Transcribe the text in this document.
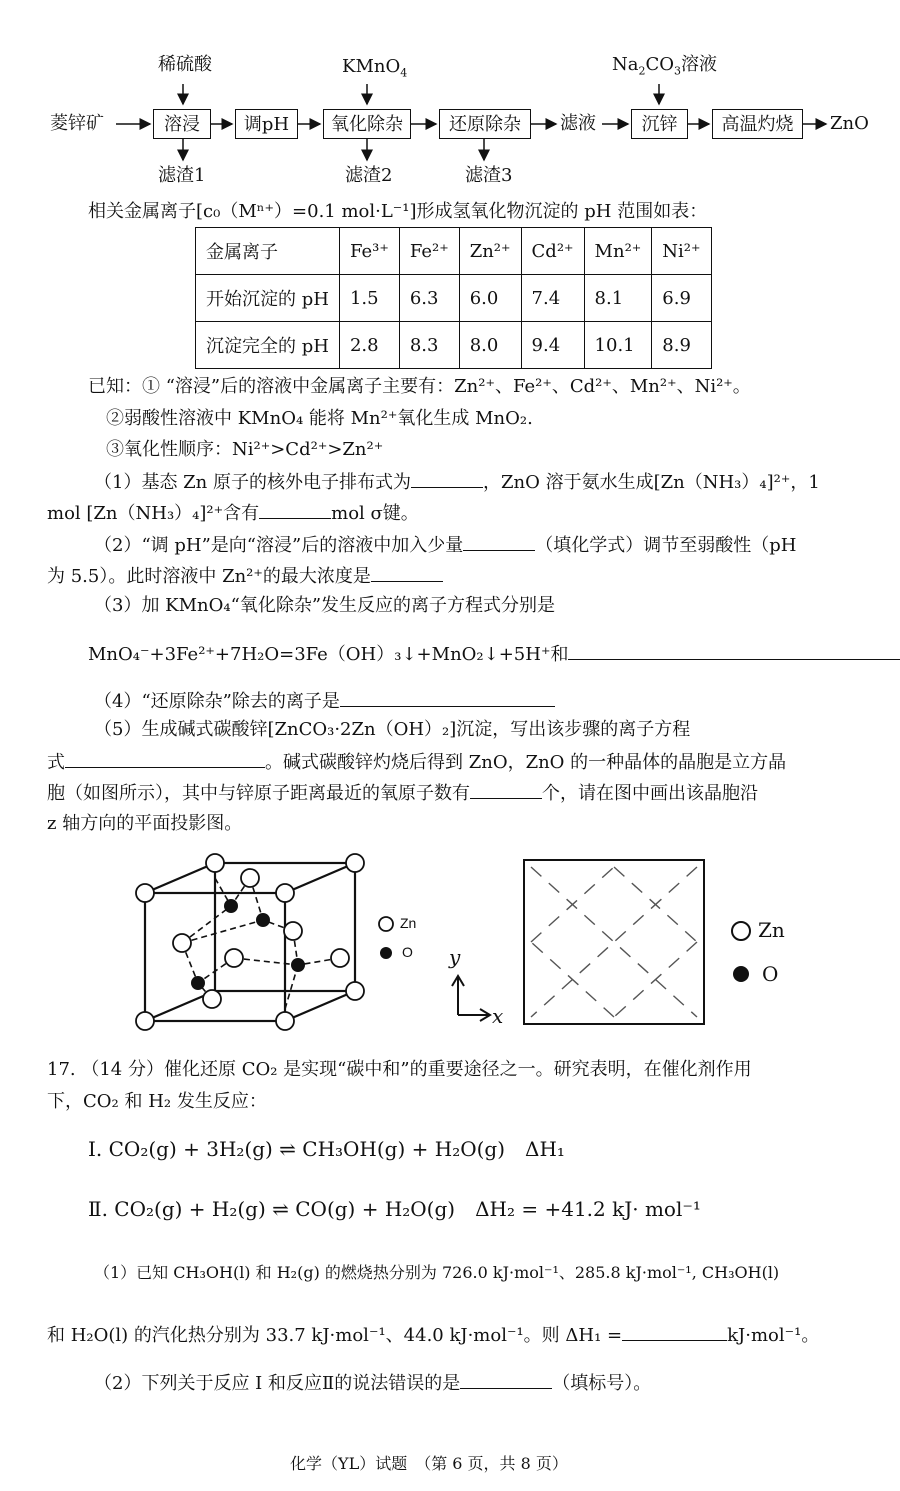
菱锌矿
稀硫酸	KMnO$_4$	$Na_2CO_3$溶液
溶浸	调pH	氧化除杂	还原除杂	滤液	沉锌	高温灼烧	ZnO
滤渣1	滤渣2	滤渣3
相关金属离子[c₀（Mⁿ⁺）=0.1 mol·L⁻¹]形成氢氧化物沉淀的 pH 范围如表：
金属离子	Fe³⁺	Fe²⁺	Zn²⁺	Cd²⁺	Mn²⁺	Ni²⁺
开始沉淀的 pH	1.5	6.3	6.0	7.4	8.1	6.9
沉淀完全的 pH	2.8	8.3	8.0	9.4	10.1	8.9
已知：① “溶浸”后的溶液中金属离子主要有：Zn²⁺、Fe²⁺、Cd²⁺、Mn²⁺、Ni²⁺。
②弱酸性溶液中 KMnO₄ 能将 Mn²⁺氧化生成 MnO₂.
③氧化性顺序：Ni²⁺>Cd²⁺>Zn²⁺
（1）基态 Zn 原子的核外电子排布式为	，ZnO 溶于氨水生成[Zn（NH₃）₄]²⁺，1
mol [Zn（NH₃）₄]²⁺含有	mol σ键。
（2）“调 pH”是向“溶浸”后的溶液中加入少量	（填化学式）调节至弱酸性（pH
为 5.5）。此时溶液中 Zn²⁺的最大浓度是
（3）加 KMnO₄“氧化除杂”发生反应的离子方程式分别是
MnO₄⁻+3Fe²⁺+7H₂O=3Fe（OH）₃↓+MnO₂↓+5H⁺和
（4）“还原除杂”除去的离子是
（5）生成碱式碳酸锌[ZnCO₃·2Zn（OH）₂]沉淀，写出该步骤的离子方程
式	。碱式碳酸锌灼烧后得到 ZnO，ZnO 的一种晶体的晶胞是立方晶
胞（如图所示），其中与锌原子距离最近的氧原子数有	个，请在图中画出该晶胞沿
z 轴方向的平面投影图。
Zn
O y
x
Zn
O
17. （14 分）催化还原 CO₂ 是实现“碳中和”的重要途径之一。研究表明，在催化剂作用
下，CO₂ 和 H₂ 发生反应：
I. CO₂(g) + 3H₂(g) ⇌ CH₃OH(g) + H₂O(g)　ΔH₁
Ⅱ. CO₂(g) + H₂(g) ⇌ CO(g) + H₂O(g)　ΔH₂ = +41.2 kJ· mol⁻¹
（1）已知 CH₃OH(l) 和 H₂(g) 的燃烧热分别为 726.0 kJ·mol⁻¹、285.8 kJ·mol⁻¹, CH₃OH(l)
和 H₂O(l) 的汽化热分别为 33.7 kJ·mol⁻¹、44.0 kJ·mol⁻¹。则 ΔH₁ =	kJ·mol⁻¹。
（2）下列关于反应 I 和反应Ⅱ的说法错误的是	（填标号）。
化学（YL）试题　（第 6 页，共 8 页）
